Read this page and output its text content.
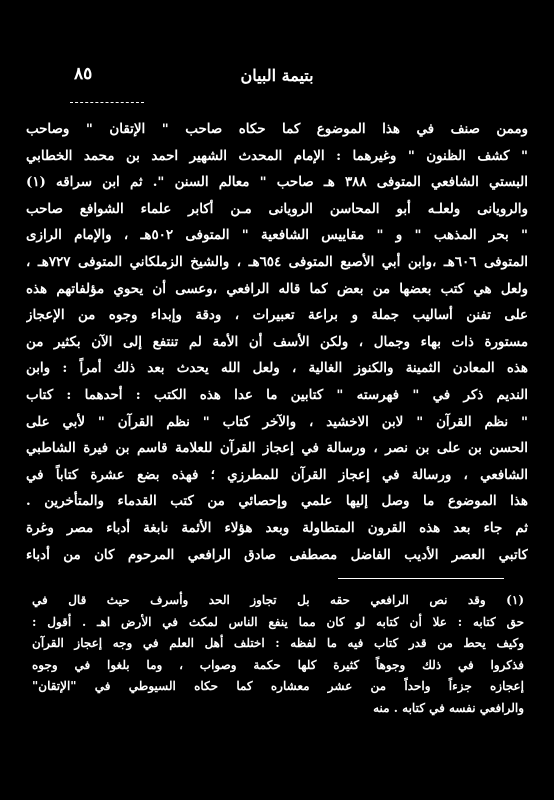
٨٥	بتيمة البيان
وممن صنف في هذا الموضوع كما حكاه صاحب " الإتقان " وصاحب
" كشف الظنون " وغيرهما : الإمام المحدث الشهير احمد بن محمد الخطابي
البستي الشافعي المتوفى ٣٨٨ هـ صاحب " معالم السنن ". ثم ابن سراقه (١)
والرويانى ولعلـه أبو المحاسن الرويانى مـن أكابر علماء الشوافع صاحب
" بحر المذهب " و " مقاييس الشافعية " المتوفى ٥٠٢هـ ، والإمام الرازى
المتوفى ٦٠٦هـ ،وابن أبي الأصبع المتوفى ٦٥٤هـ ، والشيخ الزملكاني المتوفى ٧٢٧هـ ،
ولعل هي كتب بعضها من بعض كما قاله الرافعي ،وعسى أن يحوي مؤلفاتهم هذه
على تفنن أساليب جملة و براعة تعبيرات ، ودقة وإبداء وجوه من الإعجاز
مستورة ذات بهاء وجمال ، ولكن الأسف أن الأمة لم تنتفع إلى الآن بكثير من
هذه المعادن الثمينة والكنوز الغالية ، ولعل الله يحدث بعد ذلك أمراً : وابن
النديم ذكر في " فهرسته " كتابين ما عدا هذه الكتب : أحدهما : كتاب
" نظم القرآن " لابن الاخشيد ، والآخر كتاب " نظم القرآن " لأبي على
الحسن بن على بن نصر ، ورسالة في إعجاز القرآن للعلامة قاسم بن فيرة الشاطبي
الشافعي ، ورسالة في إعجاز القرآن للمطرزي ؛ فهذه بضع عشرة كتاباً في
هذا الموضوع ما وصل إليها علمي وإحصائي من كتب القدماء والمتأخرين .
ثم جاء بعد هذه القرون المتطاولة وبعد هؤلاء الأئمة نابغة أدباء مصر وغرة
كاتبي العصر الأديب الفاضل مصطفى صادق الرافعي المرحوم كان من أدباء
(١) وقد نص الرافعي حقه بل تجاوز الحد وأسرف حيث قال في
حق كتابه : علا أن كتابه لو كان مما ينفع الناس لمكث في الأرض اهـ . أقول :
وكيف يحط من قدر كتاب فيه ما لفظه : اختلف أهل العلم في وجه إعجاز القرآن
فذكروا في ذلك وجوهاً كثيرة كلها حكمة وصواب ، وما بلغوا في وجوه
إعجازه جزءاً واحداً من عشر معشاره كما حكاه السيوطي في "الإتقان"
والرافعي نفسه في كتابه . منه
